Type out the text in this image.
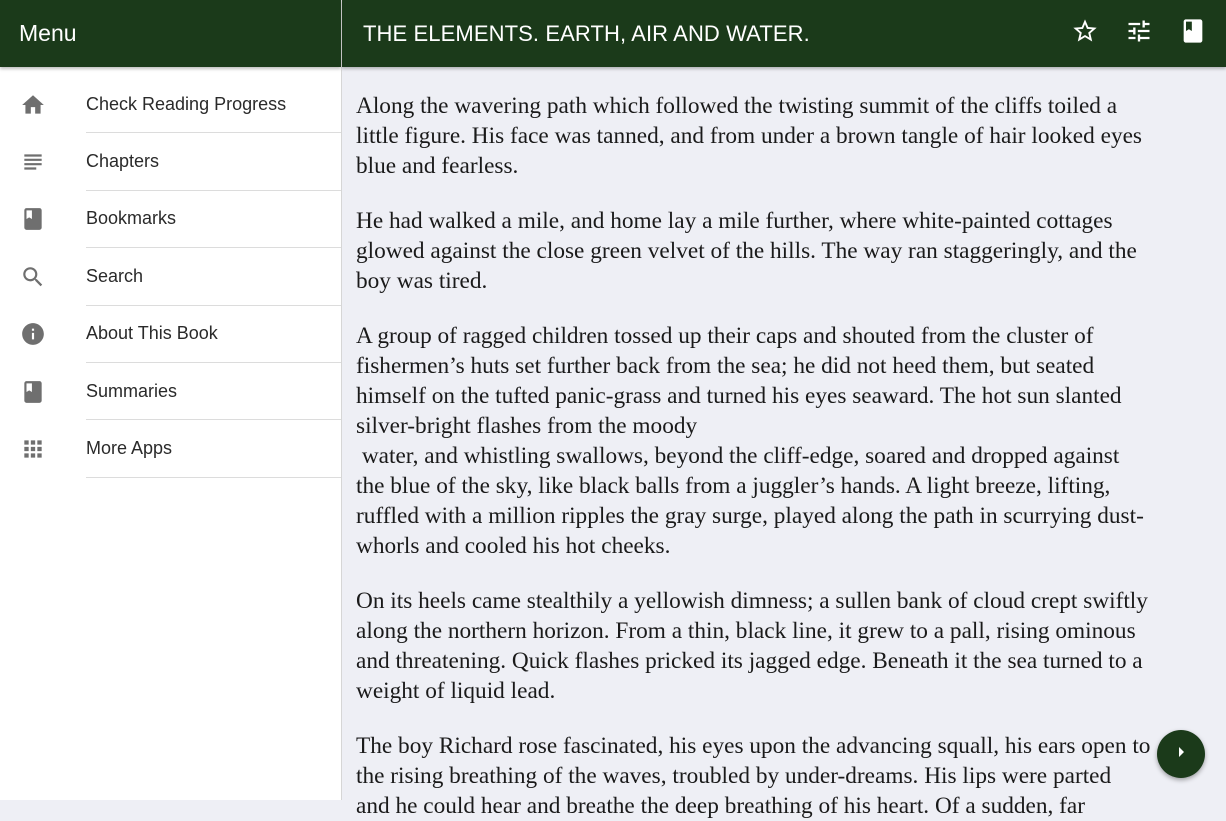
Menu
Check Reading Progress
Chapters
Bookmarks
Search
About This Book
Summaries
More Apps
THE ELEMENTS. EARTH, AIR AND WATER.

Along the wavering path which followed the twisting summit of the cliffs toiled a
little figure. His face was tanned, and from under a brown tangle of hair looked eyes
blue and fearless.

He had walked a mile, and home lay a mile further, where white-painted cottages
glowed against the close green velvet of the hills. The way ran staggeringly, and the
boy was tired.

A group of ragged children tossed up their caps and shouted from the cluster of
fishermen’s huts set further back from the sea; he did not heed them, but seated
himself on the tufted panic-grass and turned his eyes seaward. The hot sun slanted
silver-bright flashes from the moody
water, and whistling swallows, beyond the cliff-edge, soared and dropped against
the blue of the sky, like black balls from a juggler’s hands. A light breeze, lifting,
ruffled with a million ripples the gray surge, played along the path in scurrying dust-
whorls and cooled his hot cheeks.

On its heels came stealthily a yellowish dimness; a sullen bank of cloud crept swiftly
along the northern horizon. From a thin, black line, it grew to a pall, rising ominous
and threatening. Quick flashes pricked its jagged edge. Beneath it the sea turned to a
weight of liquid lead.

The boy Richard rose fascinated, his eyes upon the advancing squall, his ears open to
the rising breathing of the waves, troubled by under-dreams. His lips were parted
and he could hear and breathe the deep breathing of his heart. Of a sudden, far
